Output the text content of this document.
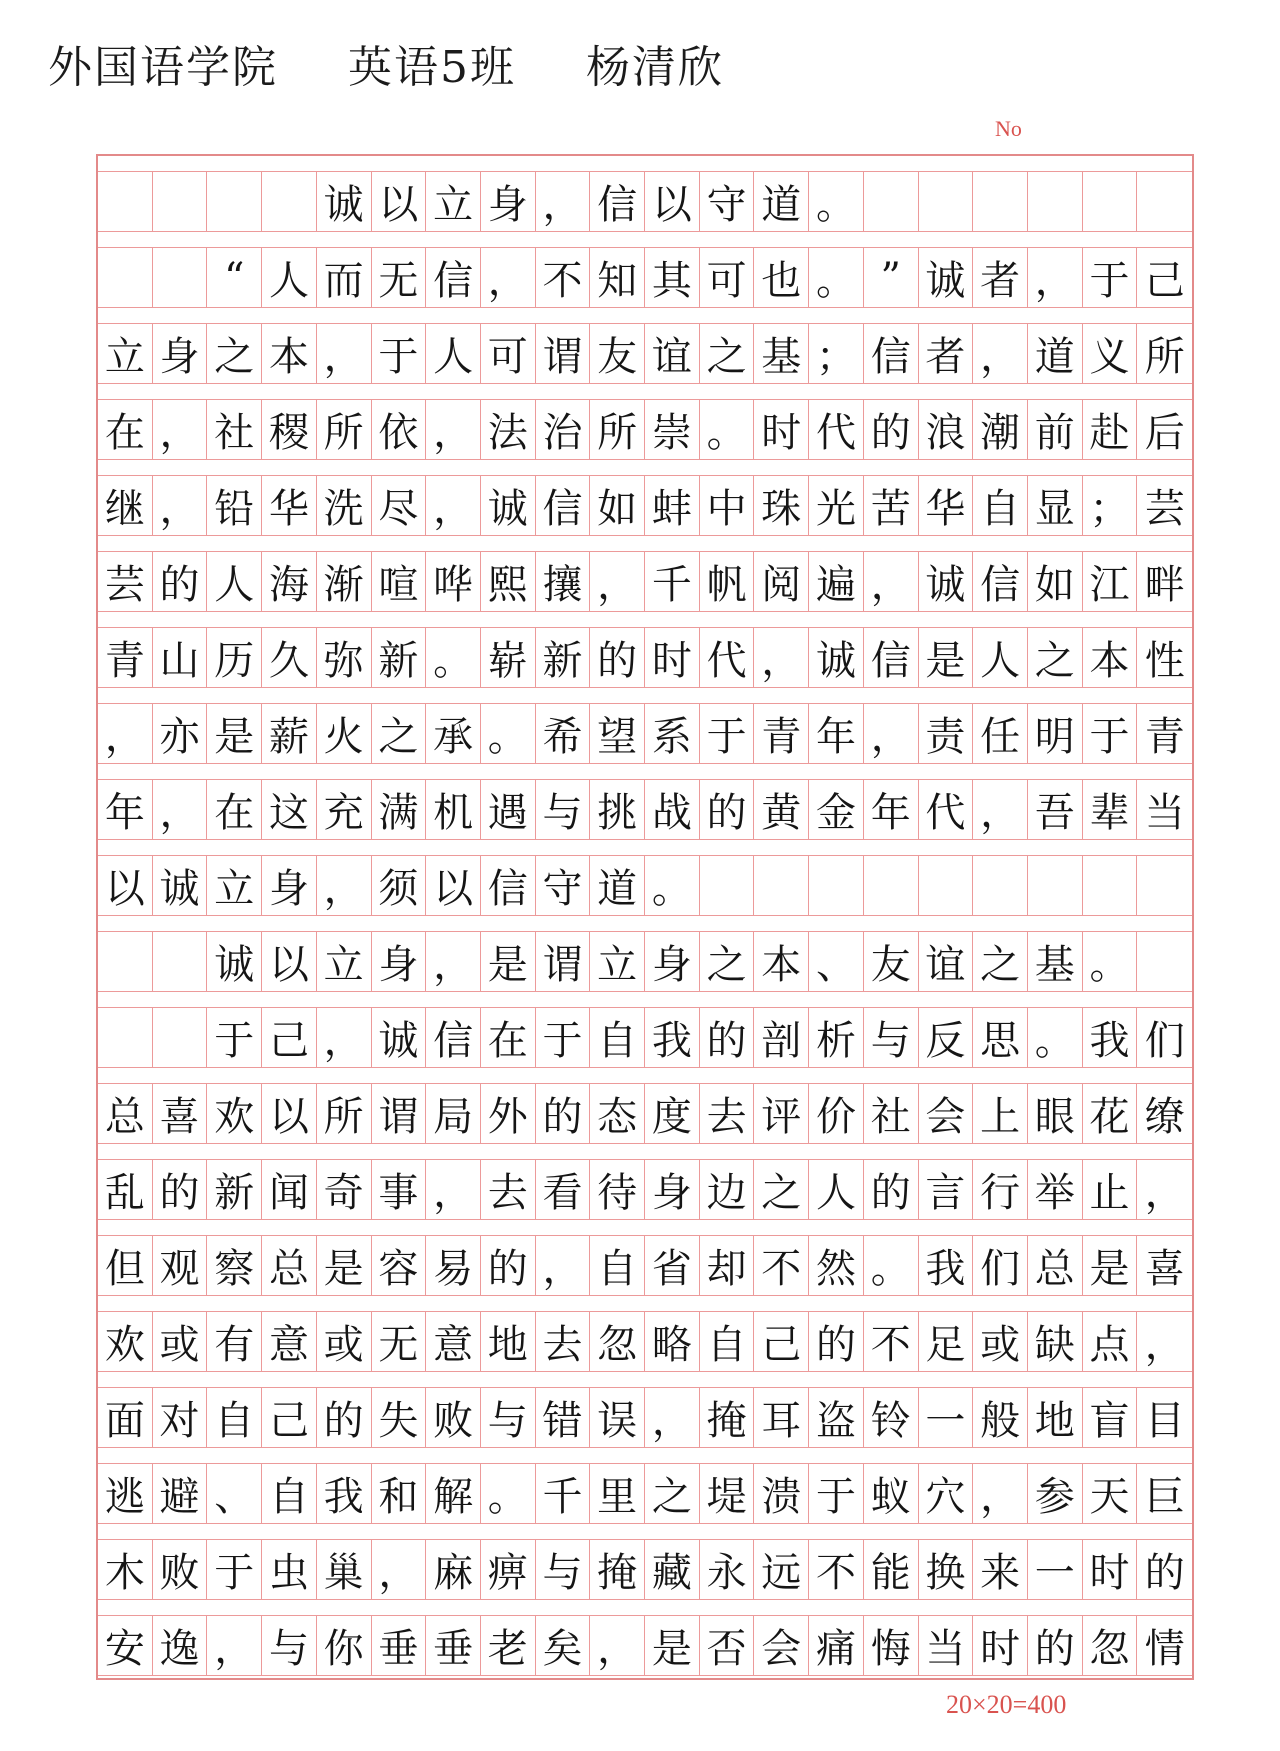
外国语学院 英语5班 杨清欣
No
诚 以 立 身 ， 信 以 守 道 。
“ 人 而 无 信 ， 不 知 其 可 也 。 ” 诚 者 ， 于 己
立 身 之 本 ， 于 人 可 谓 友 谊 之 基 ； 信 者 ， 道 义 所
在 ， 社 稷 所 依 ， 法 治 所 崇 。 时 代 的 浪 潮 前 赴 后
继 ， 铅 华 洗 尽 ， 诚 信 如 蚌 中 珠 光 苦 华 自 显 ； 芸
芸 的 人 海 渐 喧 哗 熙 攘 ， 千 帆 阅 遍 ， 诚 信 如 江 畔
青 山 历 久 弥 新 。 崭 新 的 时 代 ， 诚 信 是 人 之 本 性
， 亦 是 薪 火 之 承 。 希 望 系 于 青 年 ， 责 任 明 于 青
年 ， 在 这 充 满 机 遇 与 挑 战 的 黄 金 年 代 ， 吾 辈 当
以 诚 立 身 ， 须 以 信 守 道 。
诚 以 立 身 ， 是 谓 立 身 之 本 、 友 谊 之 基 。
于 己 ， 诚 信 在 于 自 我 的 剖 析 与 反 思 。 我 们
总 喜 欢 以 所 谓 局 外 的 态 度 去 评 价 社 会 上 眼 花 缭
乱 的 新 闻 奇 事 ， 去 看 待 身 边 之 人 的 言 行 举 止 ，
但 观 察 总 是 容 易 的 ， 自 省 却 不 然 。 我 们 总 是 喜
欢 或 有 意 或 无 意 地 去 忽 略 自 己 的 不 足 或 缺 点 ，
面 对 自 己 的 失 败 与 错 误 ， 掩 耳 盗 铃 一 般 地 盲 目
逃 避 、 自 我 和 解 。 千 里 之 堤 溃 于 蚁 穴 ， 参 天 巨
木 败 于 虫 巢 ， 麻 痹 与 掩 藏 永 远 不 能 换 来 一 时 的
安 逸 ， 与 你 垂 垂 老 矣 ， 是 否 会 痛 悔 当 时 的 忽 情
20×20=400
